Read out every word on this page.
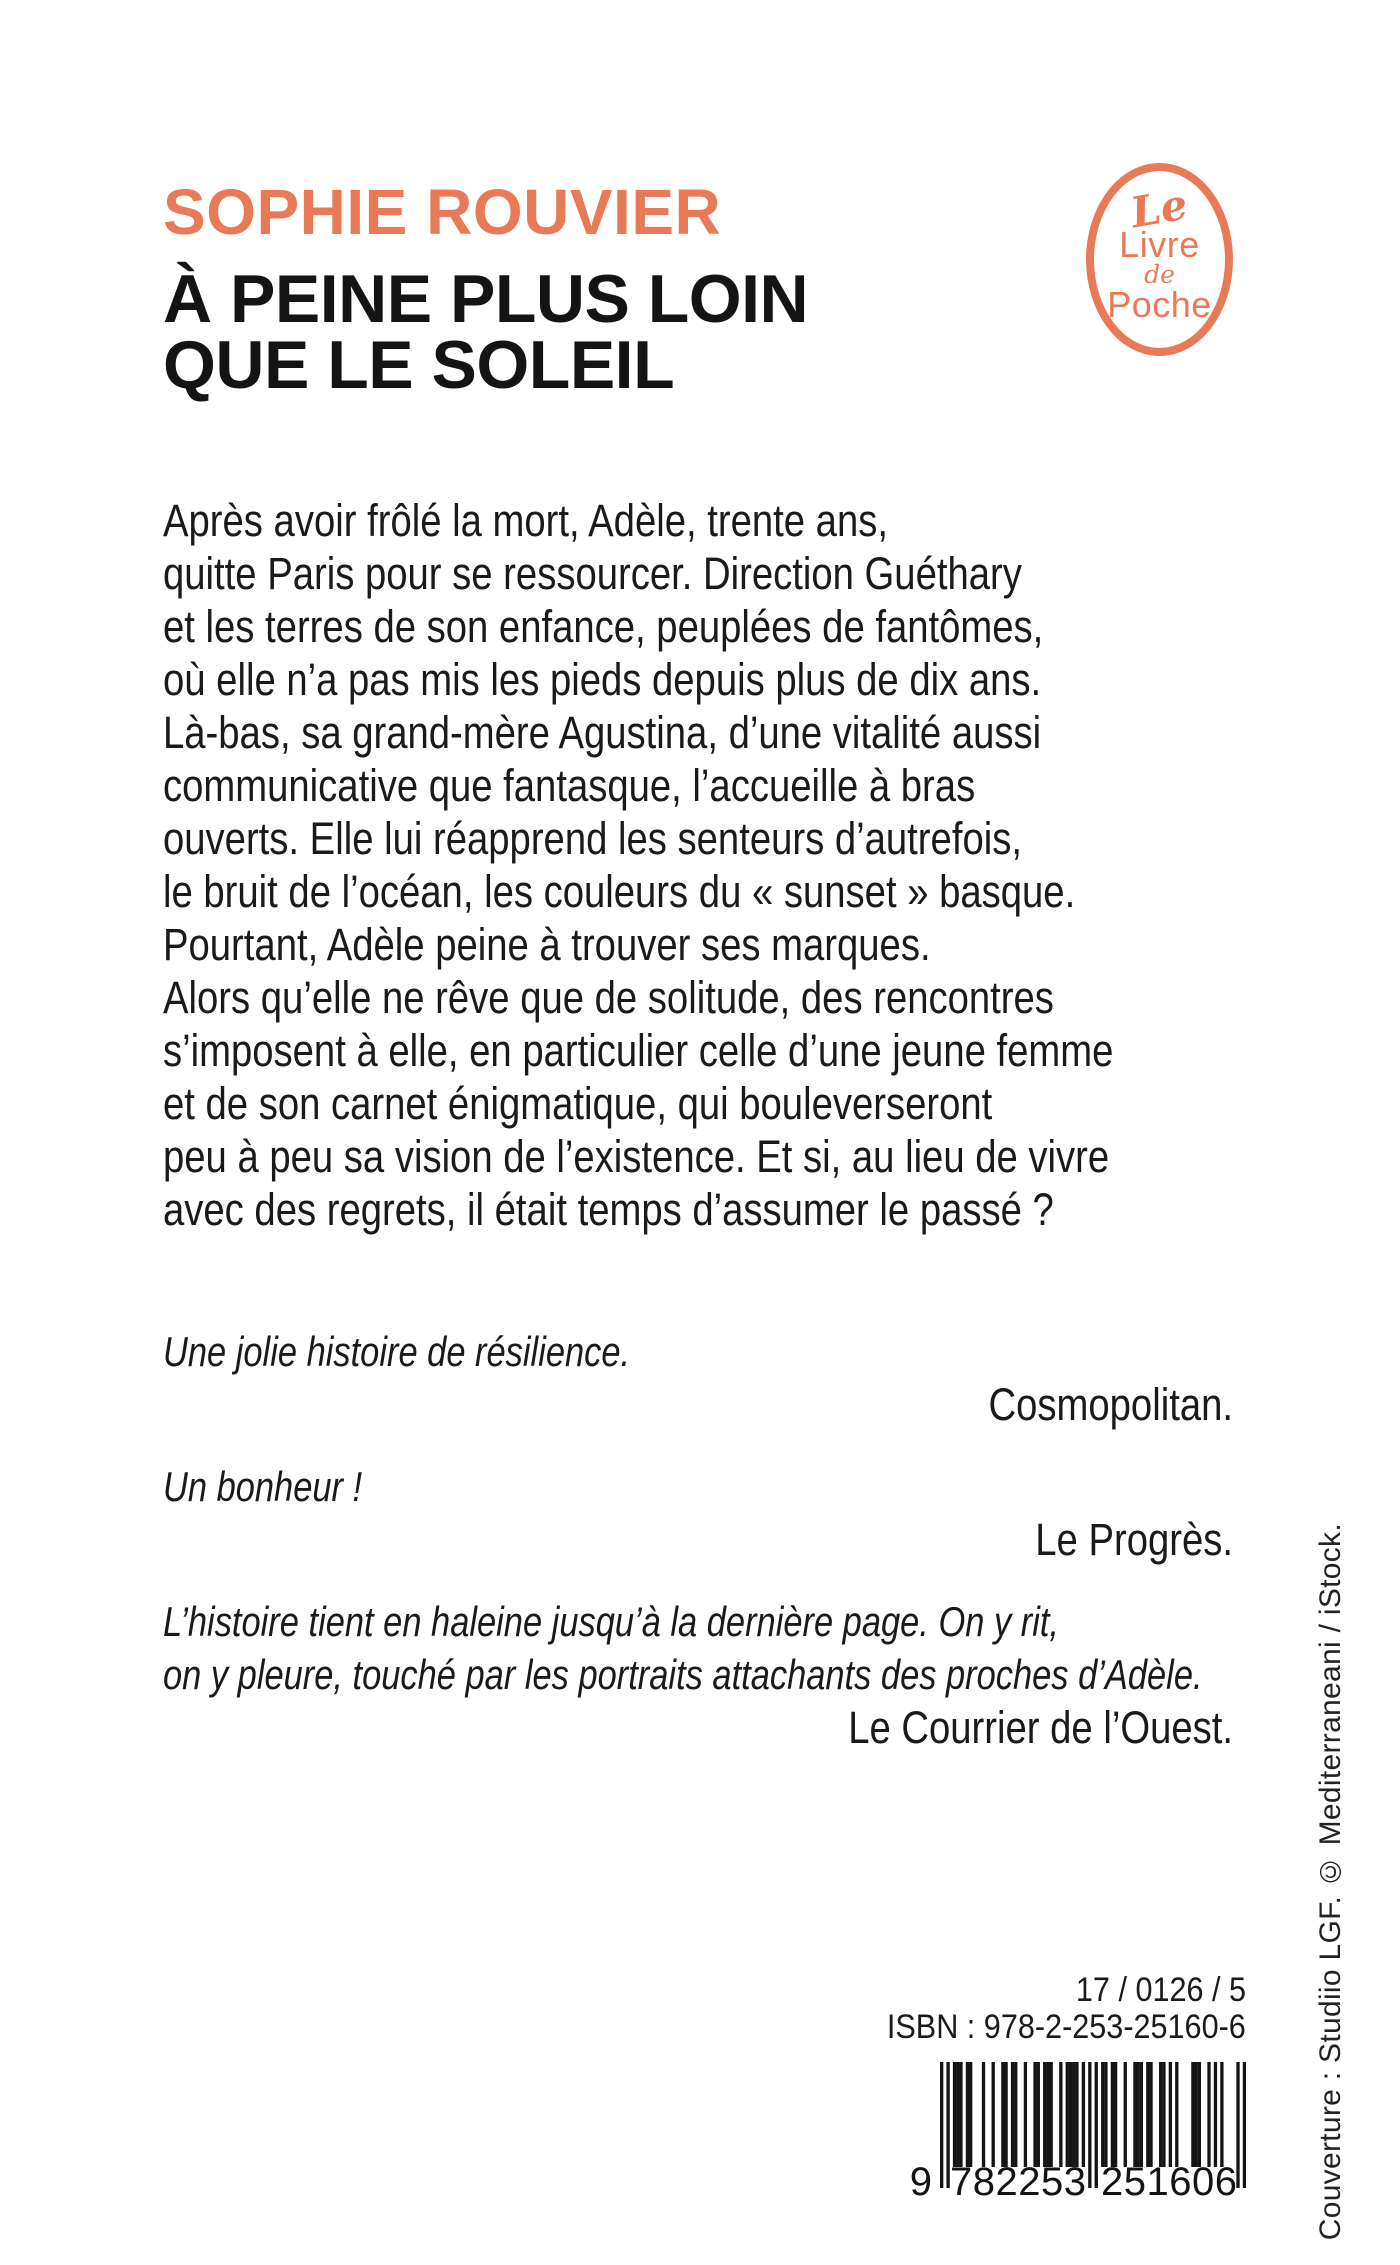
SOPHIE ROUVIER
À PEINE PLUS LOIN
QUE LE SOLEIL
Le
Livre
de
Poche
Après avoir frôlé la mort, Adèle, trente ans,
quitte Paris pour se ressourcer. Direction Guéthary
et les terres de son enfance, peuplées de fantômes,
où elle n’a pas mis les pieds depuis plus de dix ans.
Là-bas, sa grand-mère Agustina, d’une vitalité aussi
communicative que fantasque, l’accueille à bras
ouverts. Elle lui réapprend les senteurs d’autrefois,
le bruit de l’océan, les couleurs du « sunset » basque.
Pourtant, Adèle peine à trouver ses marques.
Alors qu’elle ne rêve que de solitude, des rencontres
s’imposent à elle, en particulier celle d’une jeune femme
et de son carnet énigmatique, qui bouleverseront
peu à peu sa vision de l’existence. Et si, au lieu de vivre
avec des regrets, il était temps d’assumer le passé ?
Une jolie histoire de résilience.
Cosmopolitan.
Un bonheur !
Le Progrès.
L’histoire tient en haleine jusqu’à la dernière page. On y rit,
on y pleure, touché par les portraits attachants des proches d’Adèle.
Le Courrier de l’Ouest.
17 / 0126 / 5
ISBN : 978-2-253-25160-6
9 782253 251606	Couverture : Studiio LGF. © Mediterraneani / iStock.
